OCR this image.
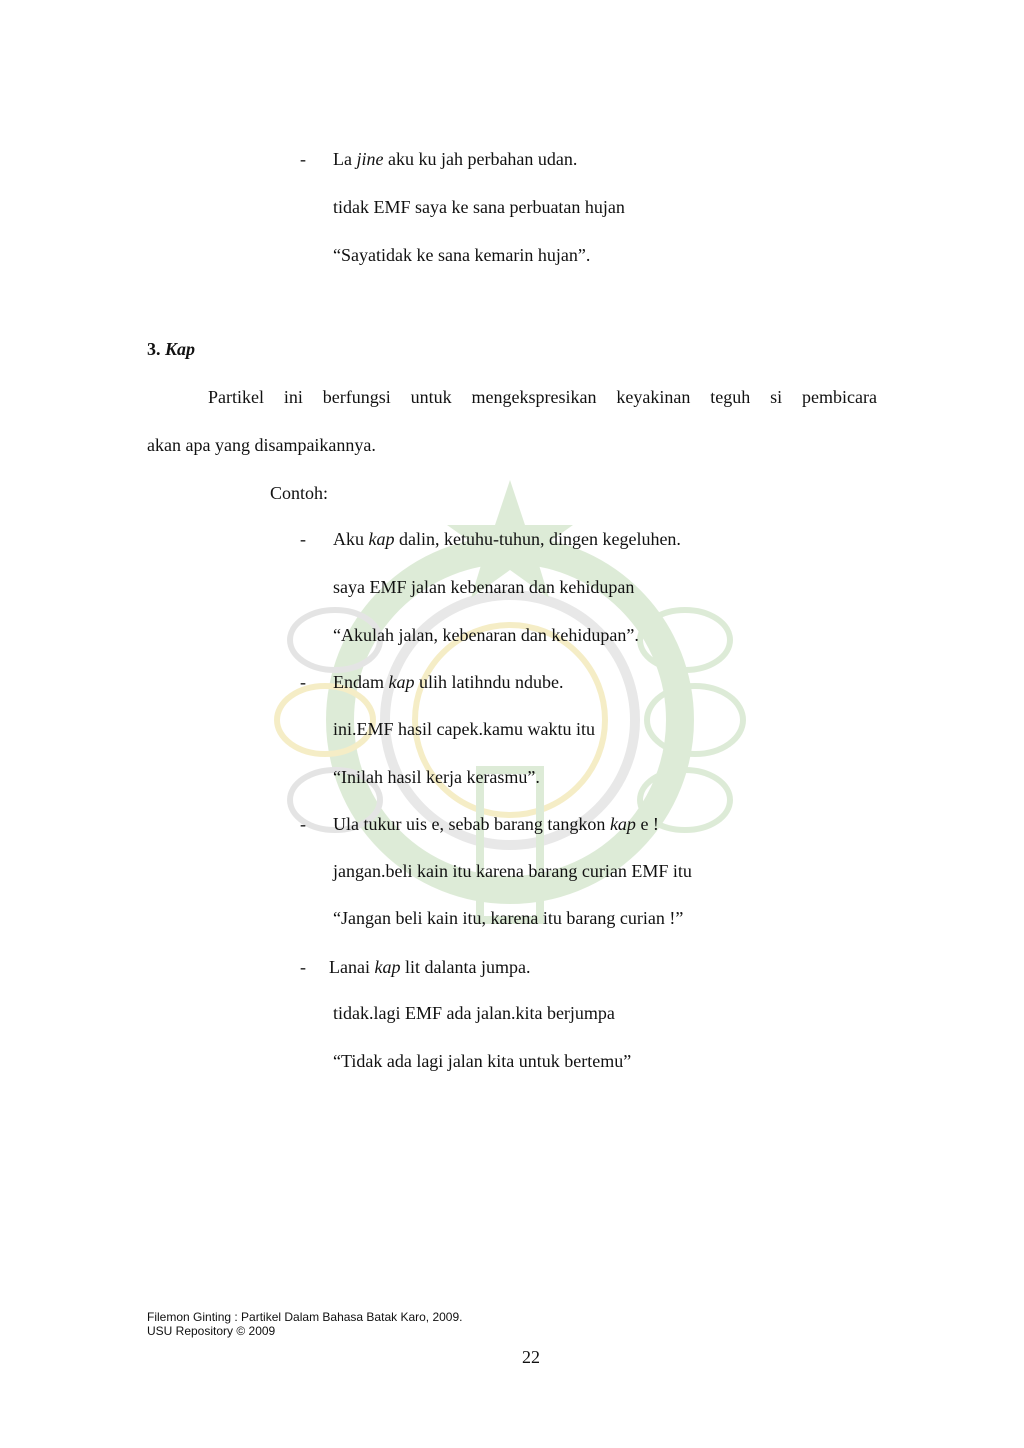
- La jine aku ku jah perbahan udan.
tidak EMF saya ke sana perbuatan hujan
“Sayatidak ke sana kemarin hujan”.
3. Kap
Partikel ini berfungsi untuk mengekspresikan keyakinan teguh si pembicara
akan apa yang disampaikannya.
Contoh:
- Aku kap dalin, ketuhu-tuhun, dingen kegeluhen.
saya EMF jalan kebenaran dan kehidupan
“Akulah jalan, kebenaran dan kehidupan”.
- Endam kap ulih latihndu ndube.
ini.EMF hasil capek.kamu waktu itu
“Inilah hasil kerja kerasmu”.
- Ula tukur uis e, sebab barang tangkon kap e !
jangan.beli kain itu karena barang curian EMF itu
“Jangan beli kain itu, karena itu barang curian !”
- Lanai kap lit dalanta jumpa.
tidak.lagi EMF ada jalan.kita berjumpa
“Tidak ada lagi jalan kita untuk bertemu”
Filemon Ginting : Partikel Dalam Bahasa Batak Karo, 2009.
USU Repository © 2009
22
